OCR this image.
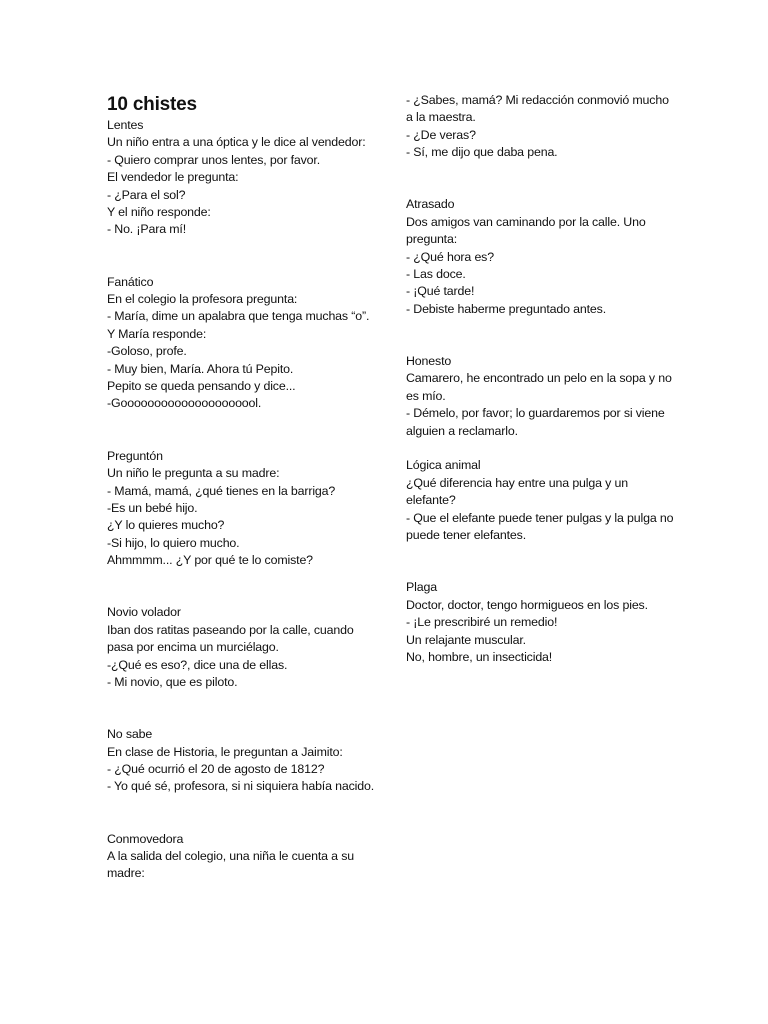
10 chistes

Lentes

Un niño entra a una óptica y le dice al vendedor:

- Quiero comprar unos lentes, por favor.

El vendedor le pregunta:

- ¿Para el sol?

Y el niño responde:

- No. ¡Para mí!

Fanático

En el colegio la profesora pregunta:

- María, dime un apalabra que tenga muchas “o”.

Y María responde:

-Goloso, profe.

- Muy bien, María. Ahora tú Pepito.

Pepito se queda pensando y dice...

-Gooooooooooooooooooool.

Preguntón

Un niño le pregunta a su madre:

- Mamá, mamá, ¿qué tienes en la barriga?

-Es un bebé hijo.

¿Y lo quieres mucho?

-Si hijo, lo quiero mucho.

Ahmmmm... ¿Y por qué te lo comiste?

Novio volador

Iban dos ratitas paseando por la calle, cuando pasa por encima un murciélago.

-¿Qué es eso?, dice una de ellas.

- Mi novio, que es piloto.

No sabe

En clase de Historia, le preguntan a Jaimito:

- ¿Qué ocurrió el 20 de agosto de 1812?

- Yo qué sé, profesora, si ni siquiera había nacido.

Conmovedora

A la salida del colegio, una niña le cuenta a su madre:

- ¿Sabes, mamá? Mi redacción conmovió mucho a la maestra.

- ¿De veras?

- Sí, me dijo que daba pena.

Atrasado

Dos amigos van caminando por la calle. Uno pregunta:

- ¿Qué hora es?

- Las doce.

- ¡Qué tarde!

- Debiste haberme preguntado antes.

Honesto

Camarero, he encontrado un pelo en la sopa y no es mío.

- Démelo, por favor; lo guardaremos por si viene alguien a reclamarlo.

Lógica animal

¿Qué diferencia hay entre una pulga y un elefante?

- Que el elefante puede tener pulgas y la pulga no puede tener elefantes.

Plaga

Doctor, doctor, tengo hormigueos en los pies.

- ¡Le prescribiré un remedio!

Un relajante muscular.

No, hombre, un insecticida!
